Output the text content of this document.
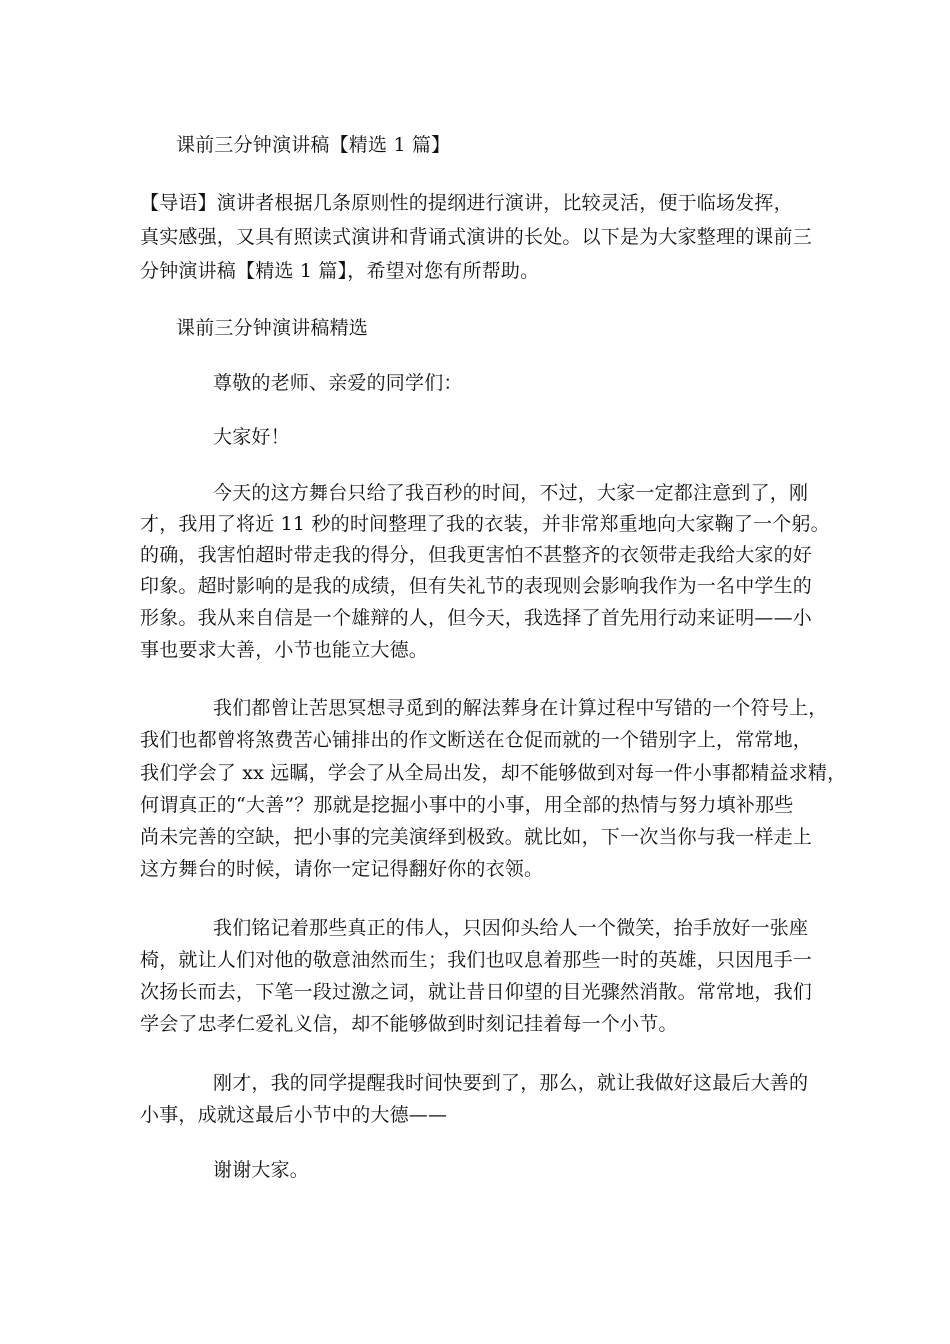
课前三分钟演讲稿【精选 1 篇】

【导语】演讲者根据几条原则性的提纲进行演讲，比较灵活，便于临场发挥，

真实感强，又具有照读式演讲和背诵式演讲的长处。以下是为大家整理的课前三

分钟演讲稿【精选 1 篇】，希望对您有所帮助。

课前三分钟演讲稿精选

尊敬的老师、亲爱的同学们：

大家好！

今天的这方舞台只给了我百秒的时间，不过，大家一定都注意到了，刚

才，我用了将近 11 秒的时间整理了我的衣装，并非常郑重地向大家鞠了一个躬。

的确，我害怕超时带走我的得分，但我更害怕不甚整齐的衣领带走我给大家的好

印象。超时影响的是我的成绩，但有失礼节的表现则会影响我作为一名中学生的

形象。我从来自信是一个雄辩的人，但今天，我选择了首先用行动来证明——小

事也要求大善，小节也能立大德。

我们都曾让苦思冥想寻觅到的解法葬身在计算过程中写错的一个符号上，

我们也都曾将煞费苦心铺排出的作文断送在仓促而就的一个错别字上，常常地，

我们学会了 xx 远瞩，学会了从全局出发，却不能够做到对每一件小事都精益求精，

何谓真正的“大善”？那就是挖掘小事中的小事，用全部的热情与努力填补那些

尚未完善的空缺，把小事的完美演绎到极致。就比如，下一次当你与我一样走上

这方舞台的时候，请你一定记得翻好你的衣领。

我们铭记着那些真正的伟人，只因仰头给人一个微笑，抬手放好一张座

椅，就让人们对他的敬意油然而生；我们也叹息着那些一时的英雄，只因甩手一

次扬长而去，下笔一段过激之词，就让昔日仰望的目光骤然消散。常常地，我们

学会了忠孝仁爱礼义信，却不能够做到时刻记挂着每一个小节。

刚才，我的同学提醒我时间快要到了，那么，就让我做好这最后大善的

小事，成就这最后小节中的大德——

谢谢大家。
